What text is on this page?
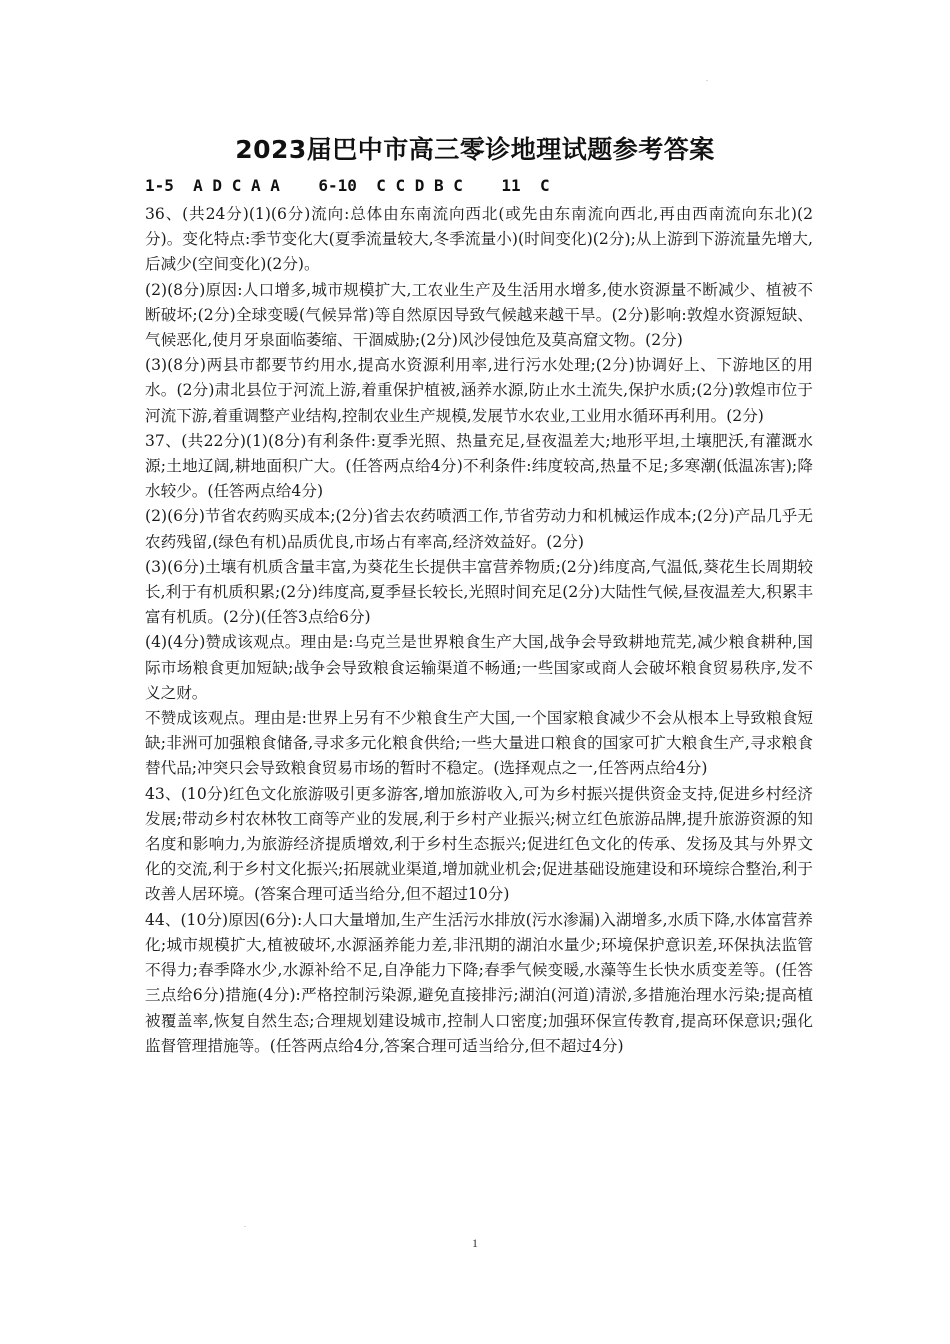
·
·
2023届巴中市高三零诊地理试题参考答案
1-5  A D C A A    6-10  C C D B C    11  C

36、(共24分)(1)(6分)流向:总体由东南流向西北(或先由东南流向西北,再由西南流向东北)(2分)。变化特点:季节变化大(夏季流量较大,冬季流量小)(时间变化)(2分);从上游到下游流量先增大,后减少(空间变化)(2分)。

(2)(8分)原因:人口增多,城市规模扩大,工农业生产及生活用水增多,使水资源量不断减少、植被不断破坏;(2分)全球变暖(气候异常)等自然原因导致气候越来越干旱。(2分)影响:敦煌水资源短缺、气候恶化,使月牙泉面临萎缩、干涸威胁;(2分)风沙侵蚀危及莫高窟文物。(2分)

(3)(8分)两县市都要节约用水,提高水资源利用率,进行污水处理;(2分)协调好上、下游地区的用水。(2分)肃北县位于河流上游,着重保护植被,涵养水源,防止水土流失,保护水质;(2分)敦煌市位于河流下游,着重调整产业结构,控制农业生产规模,发展节水农业,工业用水循环再利用。(2分)

37、(共22分)(1)(8分)有利条件:夏季光照、热量充足,昼夜温差大;地形平坦,土壤肥沃,有灌溉水源;土地辽阔,耕地面积广大。(任答两点给4分)不利条件:纬度较高,热量不足;多寒潮(低温冻害);降水较少。(任答两点给4分)

(2)(6分)节省农药购买成本;(2分)省去农药喷洒工作,节省劳动力和机械运作成本;(2分)产品几乎无农药残留,(绿色有机)品质优良,市场占有率高,经济效益好。(2分)

(3)(6分)土壤有机质含量丰富,为葵花生长提供丰富营养物质;(2分)纬度高,气温低,葵花生长周期较长,利于有机质积累;(2分)纬度高,夏季昼长较长,光照时间充足(2分)大陆性气候,昼夜温差大,积累丰富有机质。(2分)(任答3点给6分)

(4)(4分)赞成该观点。理由是:乌克兰是世界粮食生产大国,战争会导致耕地荒芜,减少粮食耕种,国际市场粮食更加短缺;战争会导致粮食运输渠道不畅通;一些国家或商人会破坏粮食贸易秩序,发不义之财。

不赞成该观点。理由是:世界上另有不少粮食生产大国,一个国家粮食减少不会从根本上导致粮食短缺;非洲可加强粮食储备,寻求多元化粮食供给;一些大量进口粮食的国家可扩大粮食生产,寻求粮食替代品;冲突只会导致粮食贸易市场的暂时不稳定。(选择观点之一,任答两点给4分)

43、(10分)红色文化旅游吸引更多游客,增加旅游收入,可为乡村振兴提供资金支持,促进乡村经济发展;带动乡村农林牧工商等产业的发展,利于乡村产业振兴;树立红色旅游品牌,提升旅游资源的知名度和影响力,为旅游经济提质增效,利于乡村生态振兴;促进红色文化的传承、发扬及其与外界文化的交流,利于乡村文化振兴;拓展就业渠道,增加就业机会;促进基础设施建设和环境综合整治,利于改善人居环境。(答案合理可适当给分,但不超过10分)

44、(10分)原因(6分):人口大量增加,生产生活污水排放(污水渗漏)入湖增多,水质下降,水体富营养化;城市规模扩大,植被破坏,水源涵养能力差,非汛期的湖泊水量少;环境保护意识差,环保执法监管不得力;春季降水少,水源补给不足,自净能力下降;春季气候变暖,水藻等生长快水质变差等。(任答三点给6分)措施(4分):严格控制污染源,避免直接排污;湖泊(河道)清淤,多措施治理水污染;提高植被覆盖率,恢复自然生态;合理规划建设城市,控制人口密度;加强环保宣传教育,提高环保意识;强化监督管理措施等。(任答两点给4分,答案合理可适当给分,但不超过4分)

1
